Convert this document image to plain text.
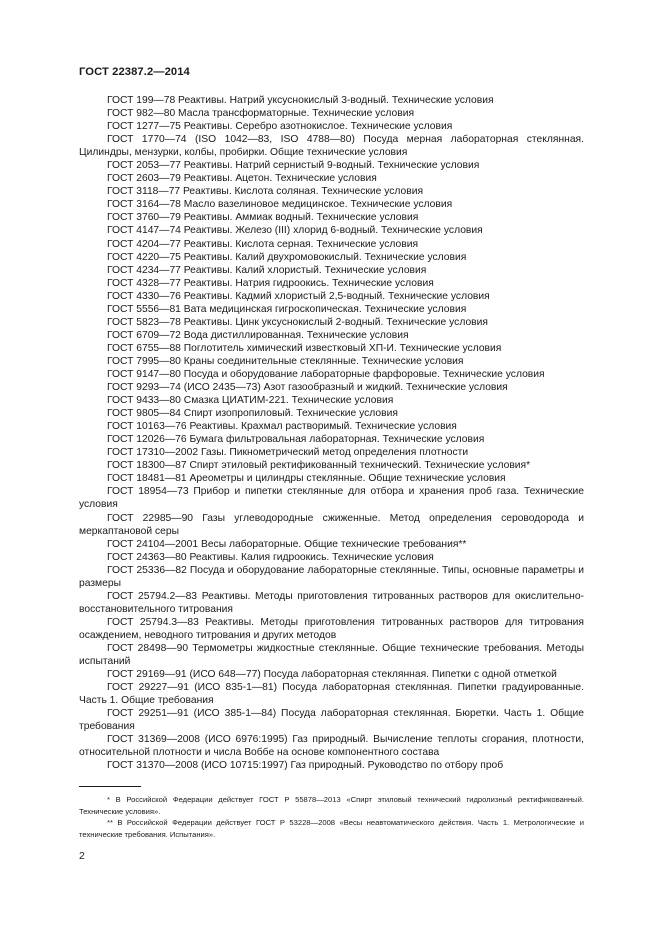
ГОСТ 22387.2—2014

ГОСТ 199—78 Реактивы. Натрий уксуснокислый 3-водный. Технические условия

ГОСТ 982—80 Масла трансформаторные. Технические условия

ГОСТ 1277—75 Реактивы. Серебро азотнокислое. Технические условия

ГОСТ 1770—74 (ISO 1042—83, ISO 4788—80) Посуда мерная лабораторная стеклянная. Цилиндры, мензурки, колбы, пробирки. Общие технические условия

ГОСТ 2053—77 Реактивы. Натрий сернистый 9-водный. Технические условия

ГОСТ 2603—79 Реактивы. Ацетон. Технические условия

ГОСТ 3118—77 Реактивы. Кислота соляная. Технические условия

ГОСТ 3164—78 Масло вазелиновое медицинское. Технические условия

ГОСТ 3760—79 Реактивы. Аммиак водный. Технические условия

ГОСТ 4147—74 Реактивы. Железо (III) хлорид 6-водный. Технические условия

ГОСТ 4204—77 Реактивы. Кислота серная. Технические условия

ГОСТ 4220—75 Реактивы. Калий двухромовокислый. Технические условия

ГОСТ 4234—77 Реактивы. Калий хлористый. Технические условия

ГОСТ 4328—77 Реактивы. Натрия гидроокись. Технические условия

ГОСТ 4330—76 Реактивы. Кадмий хлористый 2,5-водный. Технические условия

ГОСТ 5556—81 Вата медицинская гигроскопическая. Технические условия

ГОСТ 5823—78 Реактивы. Цинк уксуснокислый 2-водный. Технические условия

ГОСТ 6709—72 Вода дистиллированная. Технические условия

ГОСТ 6755—88 Поглотитель химический известковый ХП-И. Технические условия

ГОСТ 7995—80 Краны соединительные стеклянные. Технические условия

ГОСТ 9147—80 Посуда и оборудование лабораторные фарфоровые. Технические условия

ГОСТ 9293—74 (ИСО 2435—73) Азот газообразный и жидкий. Технические условия

ГОСТ 9433—80 Смазка ЦИАТИМ-221. Технические условия

ГОСТ 9805—84 Спирт изопропиловый. Технические условия

ГОСТ 10163—76 Реактивы. Крахмал растворимый. Технические условия

ГОСТ 12026—76 Бумага фильтровальная лабораторная. Технические условия

ГОСТ 17310—2002 Газы. Пикнометрический метод определения плотности

ГОСТ 18300—87 Спирт этиловый ректификованный технический. Технические условия*

ГОСТ 18481—81 Ареометры и цилиндры стеклянные. Общие технические условия

ГОСТ 18954—73 Прибор и пипетки стеклянные для отбора и хранения проб газа. Технические условия

ГОСТ 22985—90 Газы углеводородные сжиженные. Метод определения сероводорода и меркаптановой серы

ГОСТ 24104—2001 Весы лабораторные. Общие технические требования**

ГОСТ 24363—80 Реактивы. Калия гидроокись. Технические условия

ГОСТ 25336—82 Посуда и оборудование лабораторные стеклянные. Типы, основные параметры и размеры

ГОСТ 25794.2—83 Реактивы. Методы приготовления титрованных растворов для окислительно-восстановительного титрования

ГОСТ 25794.3—83 Реактивы. Методы приготовления титрованных растворов для титрования осаждением, неводного титрования и других методов

ГОСТ 28498—90 Термометры жидкостные стеклянные. Общие технические требования. Методы испытаний

ГОСТ 29169—91 (ИСО 648—77) Посуда лабораторная стеклянная. Пипетки с одной отметкой

ГОСТ 29227—91 (ИСО 835-1—81) Посуда лабораторная стеклянная. Пипетки градуированные. Часть 1. Общие требования

ГОСТ 29251—91 (ИСО 385-1—84) Посуда лабораторная стеклянная. Бюретки. Часть 1. Общие требования

ГОСТ 31369—2008 (ИСО 6976:1995) Газ природный. Вычисление теплоты сгорания, плотности, относительной плотности и числа Воббе на основе компонентного состава

ГОСТ 31370—2008 (ИСО 10715:1997) Газ природный. Руководство по отбору проб

* В Российской Федерации действует ГОСТ Р 55878—2013 «Спирт этиловый технический гидролизный ректификованный. Технические условия».

** В Российской Федерации действует ГОСТ Р 53228—2008 «Весы неавтоматического действия. Часть 1. Метрологические и технические требования. Испытания».

2
